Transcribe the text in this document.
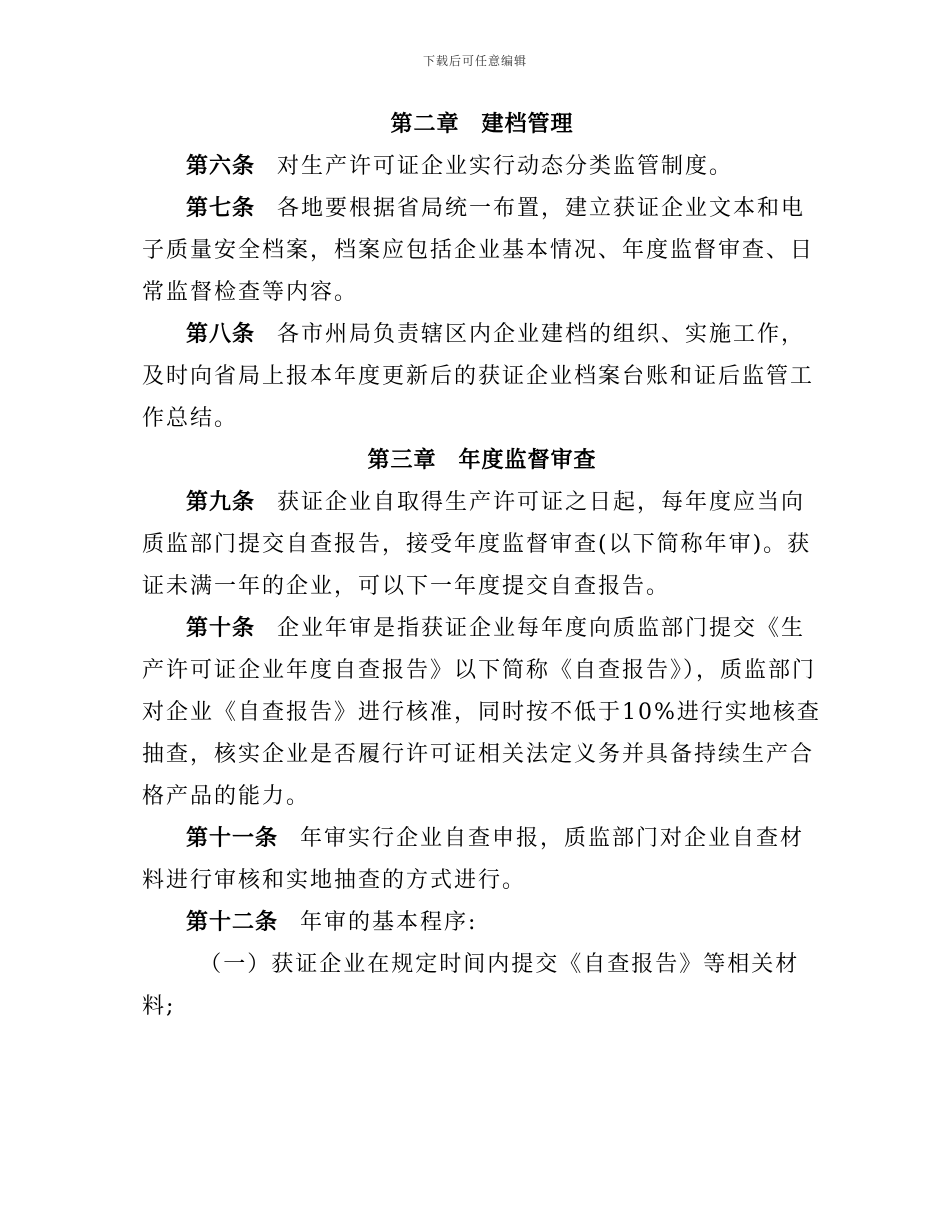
下载后可任意编辑
第二章 建档管理

第六条 对生产许可证企业实行动态分类监管制度。

第七条 各地要根据省局统一布置，建立获证企业文本和电子质量安全档案，档案应包括企业基本情况、年度监督审查、日常监督检查等内容。

第八条 各市州局负责辖区内企业建档的组织、实施工作，及时向省局上报本年度更新后的获证企业档案台账和证后监管工作总结。

第三章 年度监督审查

第九条 获证企业自取得生产许可证之日起，每年度应当向质监部门提交自查报告，接受年度监督审查(以下简称年审)。获证未满一年的企业，可以下一年度提交自查报告。

第十条 企业年审是指获证企业每年度向质监部门提交《生产许可证企业年度自查报告》以下简称《自查报告》），质监部门对企业《自查报告》进行核准，同时按不低于10%进行实地核查抽查，核实企业是否履行许可证相关法定义务并具备持续生产合格产品的能力。

第十一条 年审实行企业自查申报，质监部门对企业自查材料进行审核和实地抽查的方式进行。

第十二条 年审的基本程序:

（一）获证企业在规定时间内提交《自查报告》等相关材料;
